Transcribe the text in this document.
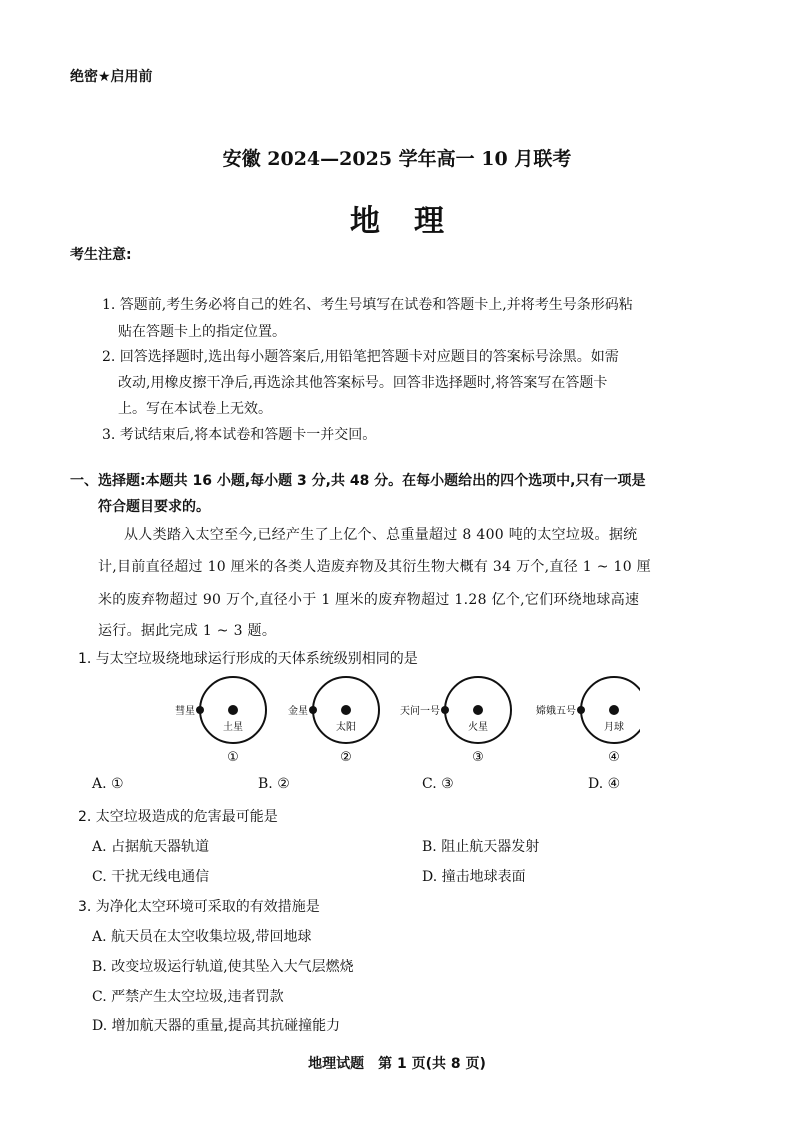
绝密★启用前
安徽 2024—2025 学年高一 10 月联考
地理
考生注意:
1. 答题前,考生务必将自己的姓名、考生号填写在试卷和答题卡上,并将考生号条形码粘
贴在答题卡上的指定位置。
2. 回答选择题时,选出每小题答案后,用铅笔把答题卡对应题目的答案标号涂黑。如需
改动,用橡皮擦干净后,再选涂其他答案标号。回答非选择题时,将答案写在答题卡
上。写在本试卷上无效。
3. 考试结束后,将本试卷和答题卡一并交回。
一、选择题:本题共 16 小题,每小题 3 分,共 48 分。在每小题给出的四个选项中,只有一项是
符合题目要求的。
从人类踏入太空至今,已经产生了上亿个、总重量超过 8 400 吨的太空垃圾。据统
计,目前直径超过 10 厘米的各类人造废弃物及其衍生物大概有 34 万个,直径 1 ~ 10 厘
米的废弃物超过 90 万个,直径小于 1 厘米的废弃物超过 1.28 亿个,它们环绕地球高速
运行。据此完成 1 ~ 3 题。
1. 与太空垃圾绕地球运行形成的天体系统级别相同的是
彗星
土星
①
金星
太阳
②
天问一号
火星
③
嫦娥五号
月球
④
A. ①	B. ②	C. ③	D. ④
2. 太空垃圾造成的危害最可能是
A. 占据航天器轨道	B. 阻止航天器发射
C. 干扰无线电通信	D. 撞击地球表面
3. 为净化太空环境可采取的有效措施是
A. 航天员在太空收集垃圾,带回地球
B. 改变垃圾运行轨道,使其坠入大气层燃烧
C. 严禁产生太空垃圾,违者罚款
D. 增加航天器的重量,提高其抗碰撞能力
地理试题　第 1 页(共 8 页)
